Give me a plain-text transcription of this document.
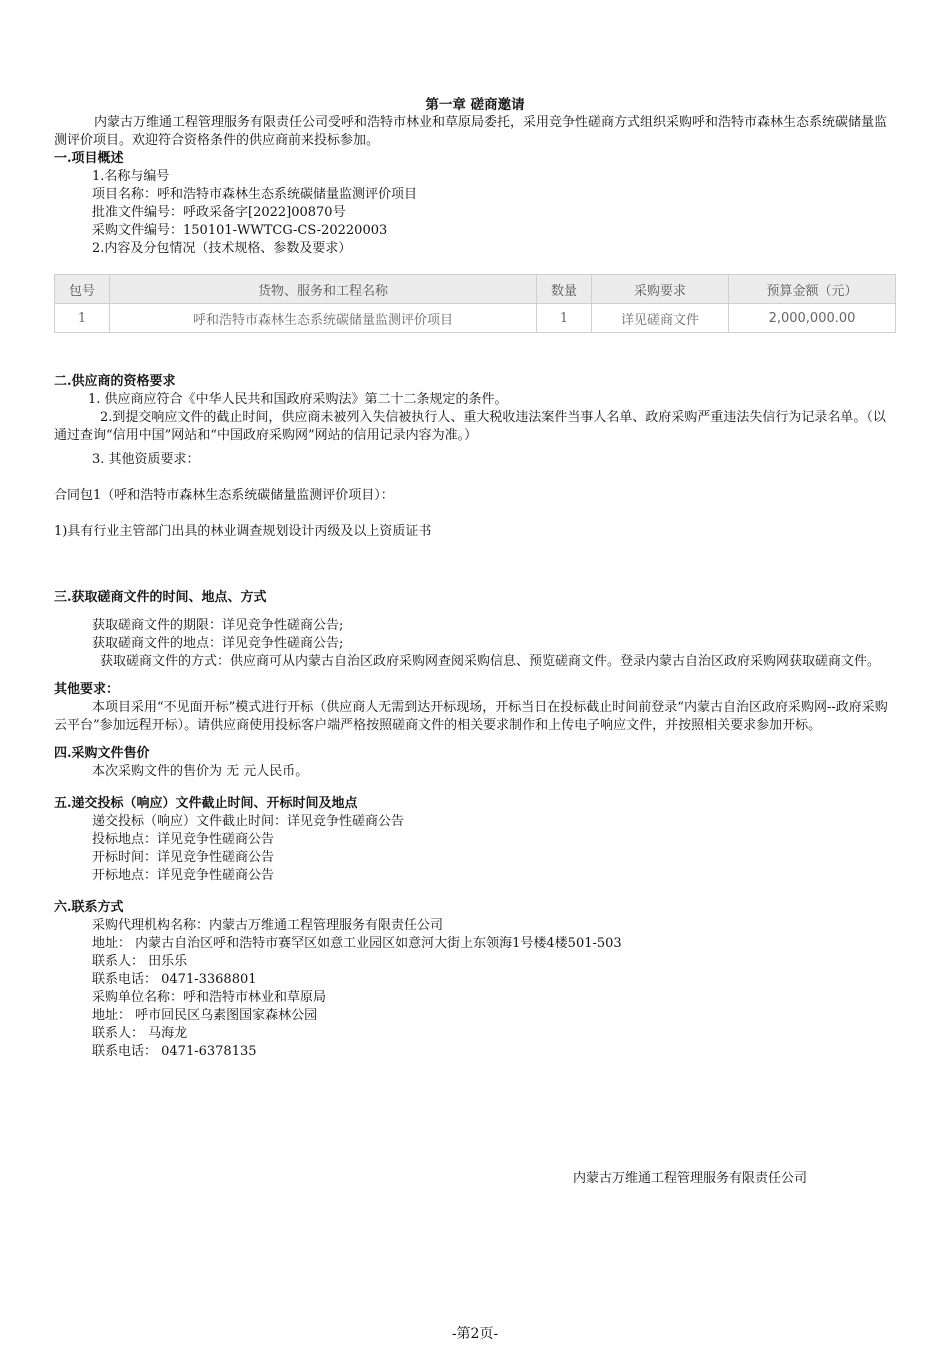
第一章 磋商邀请
内蒙古万维通工程管理服务有限责任公司受呼和浩特市林业和草原局委托，采用竞争性磋商方式组织采购呼和浩特市森林生态系统碳储量监测评价项目。欢迎符合资格条件的供应商前来投标参加。
一.项目概述
1.名称与编号
项目名称：呼和浩特市森林生态系统碳储量监测评价项目
批准文件编号：呼政采备字[2022]00870号
采购文件编号：150101-WWTCG-CS-20220003
2.内容及分包情况（技术规格、参数及要求）
包号	货物、服务和工程名称	数量	采购要求	预算金额（元）
1	呼和浩特市森林生态系统碳储量监测评价项目	1	详见磋商文件	2,000,000.00
二.供应商的资格要求
1. 供应商应符合《中华人民共和国政府采购法》第二十二条规定的条件。
2.到提交响应文件的截止时间，供应商未被列入失信被执行人、重大税收违法案件当事人名单、政府采购严重违法失信行为记录名单。（以通过查询“信用中国”网站和“中国政府采购网”网站的信用记录内容为准。）
3. 其他资质要求：
合同包1（呼和浩特市森林生态系统碳储量监测评价项目）：
1)具有行业主管部门出具的林业调查规划设计丙级及以上资质证书
三.获取磋商文件的时间、地点、方式
获取磋商文件的期限：详见竞争性磋商公告;
获取磋商文件的地点：详见竞争性磋商公告;
获取磋商文件的方式：供应商可从内蒙古自治区政府采购网查阅采购信息、预览磋商文件。登录内蒙古自治区政府采购网获取磋商文件。
其他要求：
本项目采用“不见面开标”模式进行开标（供应商人无需到达开标现场，开标当日在投标截止时间前登录“内蒙古自治区政府采购网--政府采购云平台”参加远程开标）。请供应商使用投标客户端严格按照磋商文件的相关要求制作和上传电子响应文件，并按照相关要求参加开标。
四.采购文件售价
本次采购文件的售价为 无 元人民币。
五.递交投标（响应）文件截止时间、开标时间及地点
递交投标（响应）文件截止时间：详见竞争性磋商公告
投标地点：详见竞争性磋商公告
开标时间：详见竞争性磋商公告
开标地点：详见竞争性磋商公告
六.联系方式
采购代理机构名称：内蒙古万维通工程管理服务有限责任公司
地址： 内蒙古自治区呼和浩特市赛罕区如意工业园区如意河大街上东领海1号楼4楼501-503
联系人： 田乐乐
联系电话： 0471-3368801
采购单位名称：呼和浩特市林业和草原局
地址： 呼市回民区乌素图国家森林公园
联系人： 马海龙
联系电话： 0471-6378135
内蒙古万维通工程管理服务有限责任公司
-第2页-
